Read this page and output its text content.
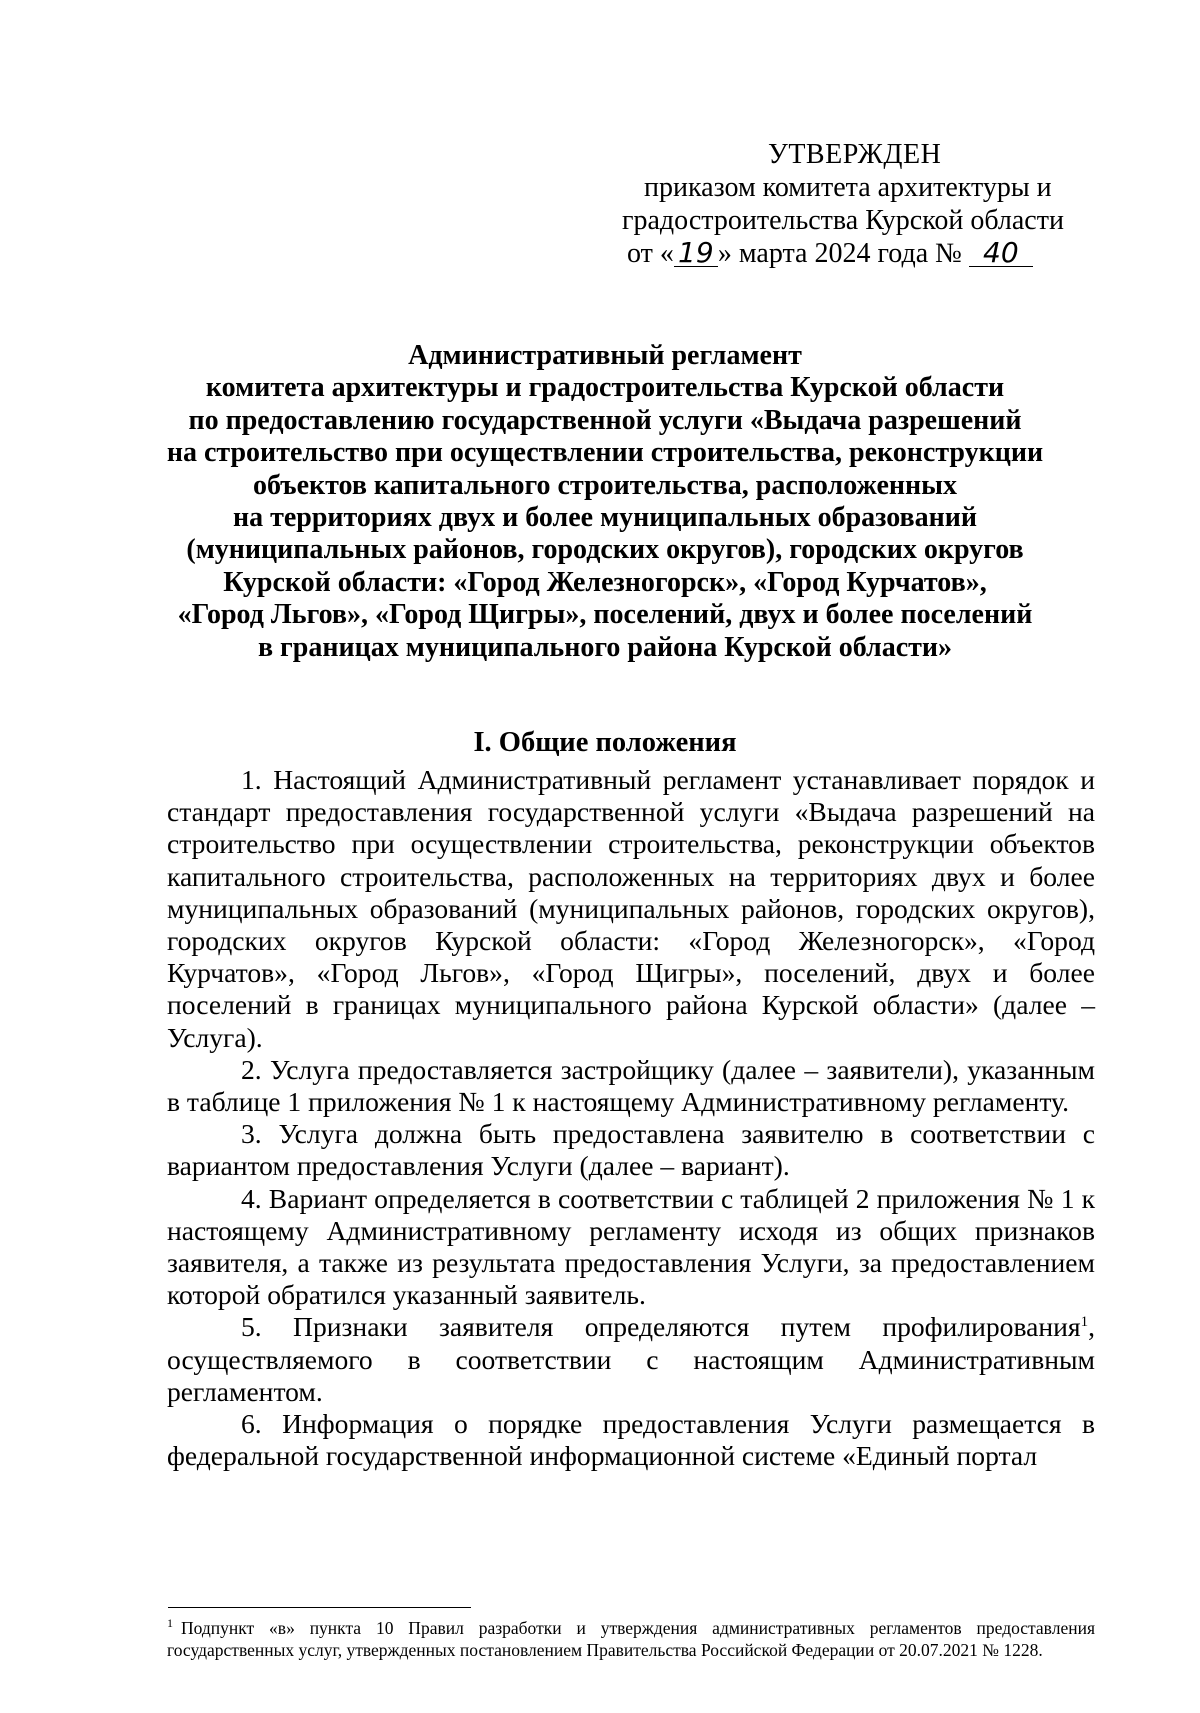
УТВЕРЖДЕН
приказом комитета архитектуры и
градостроительства Курской области
от « 19 » марта 2024 года № 40
Административный регламент
комитета архитектуры и градостроительства Курской области
по предоставлению государственной услуги «Выдача разрешений
на строительство при осуществлении строительства, реконструкции
объектов капитального строительства, расположенных
на территориях двух и более муниципальных образований
(муниципальных районов, городских округов), городских округов
Курской области: «Город Железногорск», «Город Курчатов»,
«Город Льгов», «Город Щигры», поселений, двух и более поселений
в границах муниципального района Курской области»
I. Общие положения

1. Настоящий Административный регламент устанавливает порядок и стандарт предоставления государственной услуги «Выдача разрешений на строительство при осуществлении строительства, реконструкции объектов капитального строительства, расположенных на территориях двух и более муниципальных образований (муниципальных районов, городских округов), городских округов Курской области: «Город Железногорск», «Город Курчатов», «Город Льгов», «Город Щигры», поселений, двух и более поселений в границах муниципального района Курской области» (далее – Услуга).

2. Услуга предоставляется застройщику (далее – заявители), указанным в таблице 1 приложения № 1 к настоящему Административному регламенту.

3. Услуга должна быть предоставлена заявителю в соответствии с вариантом предоставления Услуги (далее – вариант).

4. Вариант определяется в соответствии с таблицей 2 приложения № 1 к настоящему Административному регламенту исходя из общих признаков заявителя, а также из результата предоставления Услуги, за предоставлением которой обратился указанный заявитель.

5. Признаки заявителя определяются путем профилирования$^1$, осуществляемого в соответствии с настоящим Административным регламентом.

6. Информация о порядке предоставления Услуги размещается в федеральной государственной информационной системе «Единый портал

$^1$ Подпункт «в» пункта 10 Правил разработки и утверждения административных регламентов предоставления государственных услуг, утвержденных постановлением Правительства Российской Федерации от 20.07.2021 № 1228.
